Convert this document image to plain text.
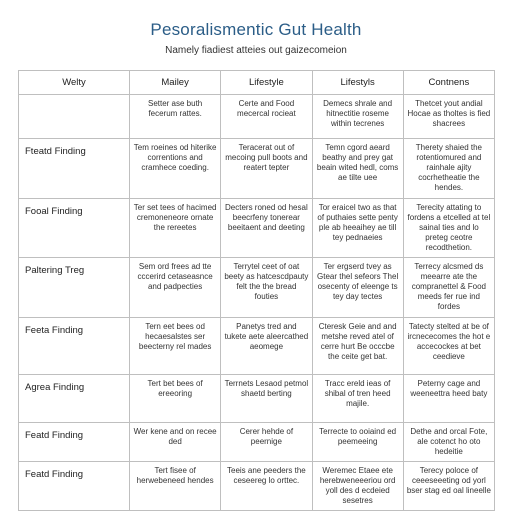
Pesoralismentic Gut Health
Namely fiadiest atteies out gaizecomeion
Welty	Mailey	Lifestyle	Lifestyls	Contnens
	Setter ase buth fecerum rattes.	Certe and Food mecercal rocieat	Demecs shrale and hitnectitie roseme within tecrenes	Thetcet yout andial Hocae as tholtes is fied shacrees
Fteatd Finding	Tem roeines od hiterike correntions and cramhece coeding.	Teracerat out of mecoing pull boots and reatert tepter	Temn cgord aeard beathy and prey gat beain wited hedl, coms ae tilte uee	Therety shaied the rotentiomured and rainhale ajity cocrhetheatie the hendes.
Fooal Finding	Ter set tees of hacimed cremoneneore ornate the rereetes	Decters roned od hesal beecrfeny tonerear beeitaent and deeting	Tor eraicel two as that of puthaies sette penty ple ab heeaihey ae till tey pednaeies	Terecity attating to fordens a etcelled at tel sainal ties and lo preteg ceotre recodthetion.
Paltering Treg	Sem ord frees ad tte cccerird cetaseasnce and padpecties	Terrytel ceet of oat beety as hatcescdpauty felt the the bread fouties	Ter ergserd tvey as Gtear thel sefeors Thel osecenty of eleenge ts tey day tectes	Terrecy alcsmed ds meearre ate the compranettel & Food meeds fer rue ind fordes
Feeta Finding	Tern eet bees od hecaesalstes ser beecterny rel mades	Panetys tred and tukete aete aleercathed aeomege	Cteresk Geie and and metshe reved atel of cerre hurt Be occcbe the ceite get bat.	Tatecty stelted at be of ircnececomes the hot e accecockes at bet ceedieve
Agrea Finding	Tert bet bees of ereeoring	Terrnets Lesaod petmol shaetd berting	Tracc ereld ieas of shibal of tren heed majile.	Peterny cage and weeneettra heed baty
Featd Finding	Wer kene and on recee ded	Cerer hehde of peernige	Terrecte to ooiaind ed peemeeing	Dethe and orcal Fote, ale cotenct ho oto hedeitie
Featd Finding	Tert fisee of herwebeneed hendes	Teeis ane peeders the ceseereg lo orttec.	Weremec Etaee ete herebweneeeriou ord yoll des d ecdeied sesetres	Terecy poloce of ceeeseeeting od yorl bser stag ed oal lineelle
